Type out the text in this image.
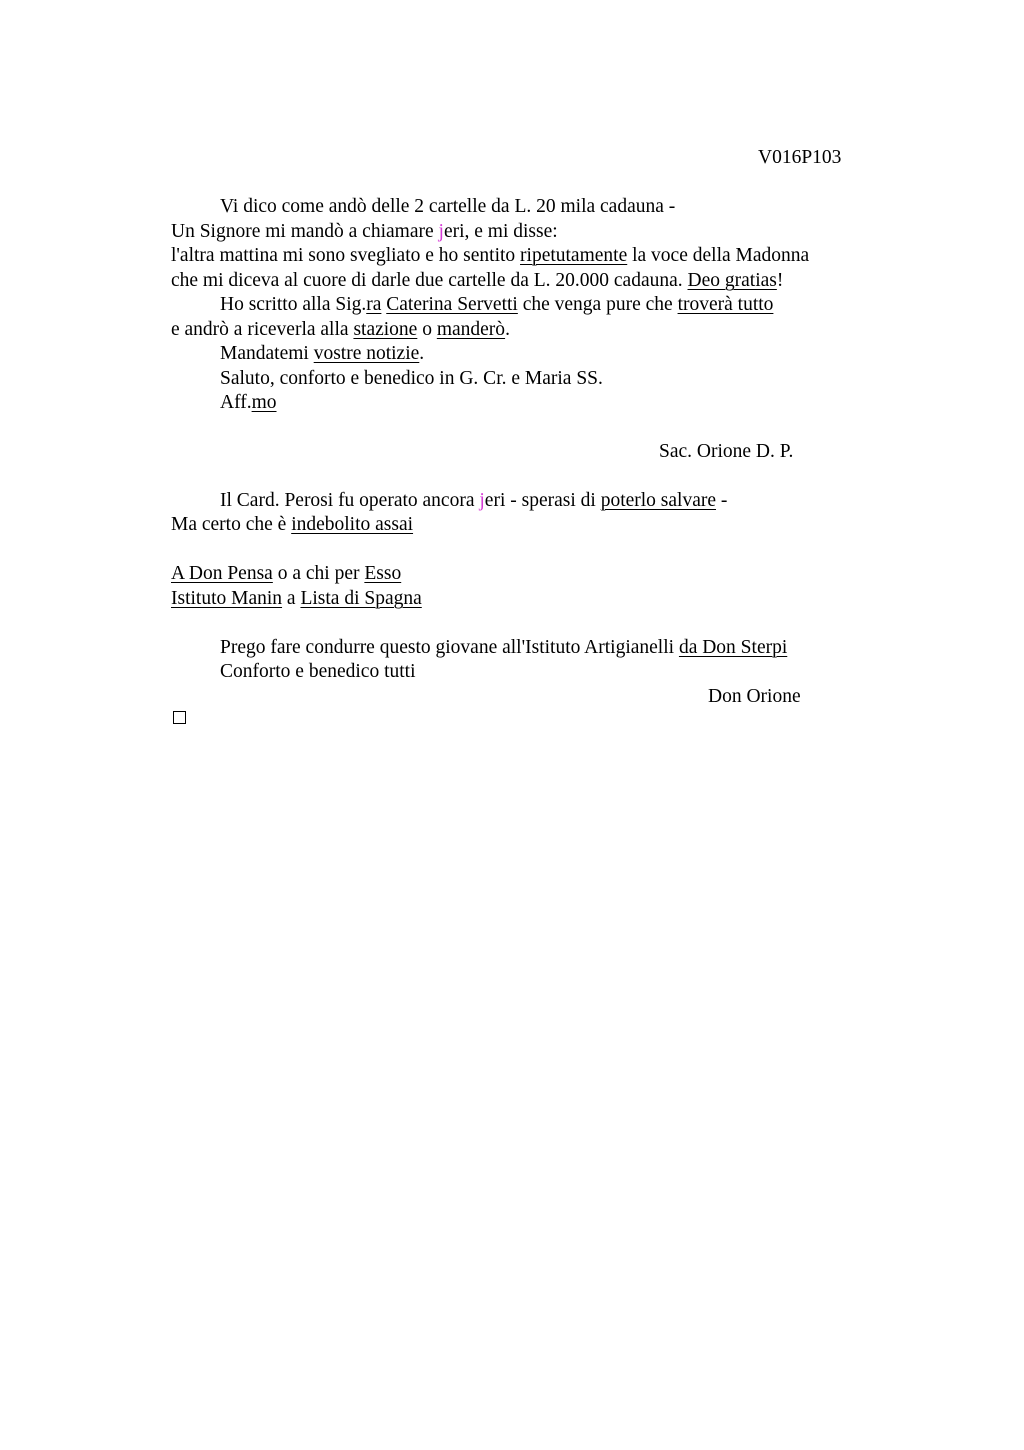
V016P103
Vi dico come andò delle 2 cartelle da L. 20 mila cadauna -
Un Signore mi mandò a chiamare jeri, e mi disse:
l'altra mattina mi sono svegliato e ho sentito ripetutamente la voce della Madonna
che mi diceva al cuore di darle due cartelle da L. 20.000 cadauna. Deo gratias!
Ho scritto alla Sig.ra Caterina Servetti che venga pure che troverà tutto
e andrò a riceverla alla stazione o manderò.
Mandatemi vostre notizie.
Saluto, conforto e benedico in G. Cr. e Maria SS.
Aff.mo
Sac. Orione D. P.
Il Card. Perosi fu operato ancora jeri - sperasi di poterlo salvare -
Ma certo che è indebolito assai
A Don Pensa o a chi per Esso
Istituto Manin a Lista di Spagna
Prego fare condurre questo giovane all'Istituto Artigianelli da Don Sterpi
Conforto e benedico tutti
Don Orione
